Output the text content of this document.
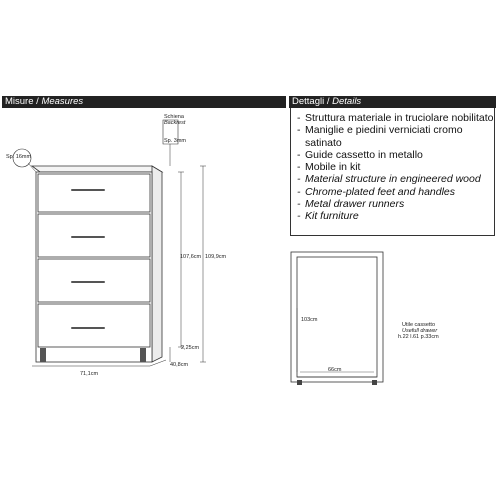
Misure / Measures	Dettagli / Details
- Struttura materiale in truciolare nobilitato
- Maniglie e piedini verniciati cromo satinato
- Guide cassetto in metallo
- Mobile in kit
- Material structure in engineered wood
- Chrome-plated feet and handles
- Metal drawer runners
- Kit furniture
Schiena
Backrest
Sp. 3mm
Sp. 16mm
107,6cm 109,9cm
2,25cm
71,1cm
40,8cm
103cm
66cm
Utile cassetto
Usefull drawer
h.22 l.61 p.33cm
